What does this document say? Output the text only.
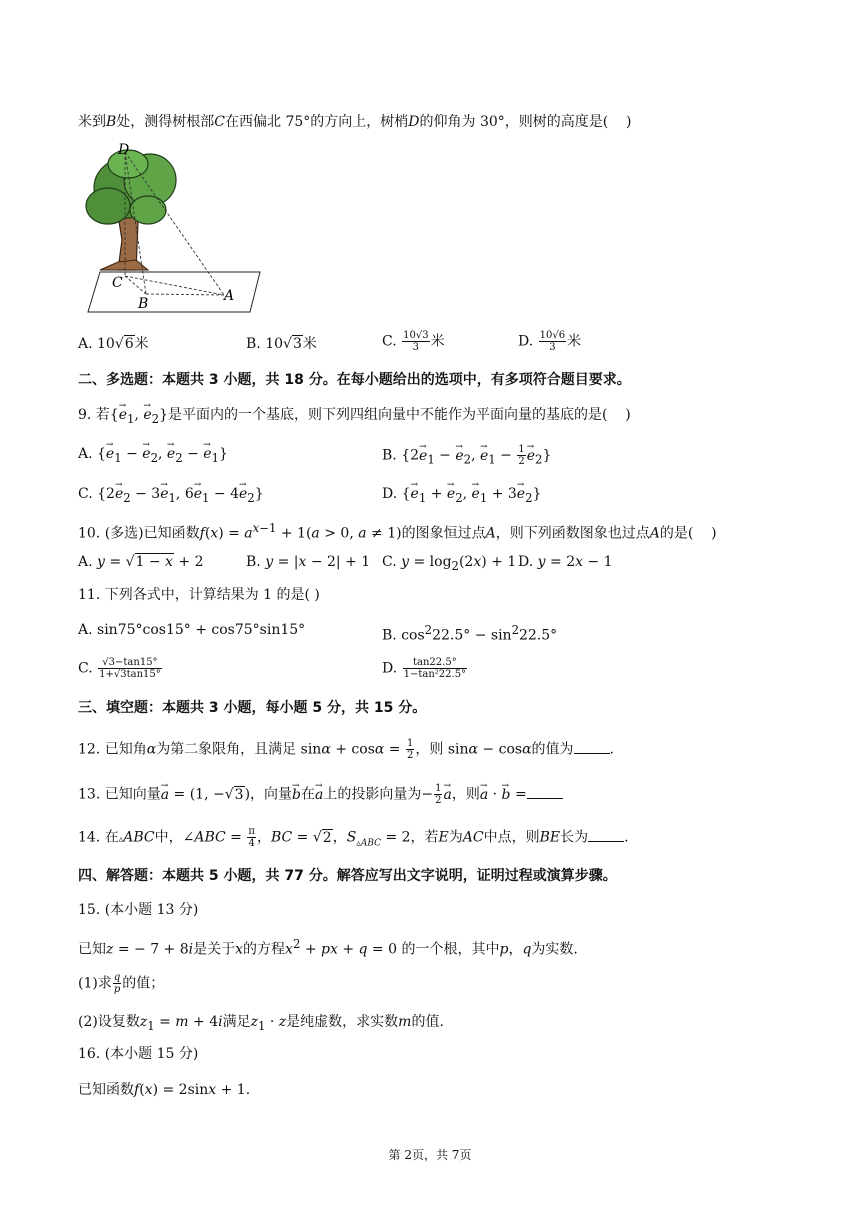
米到B处，测得树根部C在西偏北 75°的方向上，树梢D的仰角为 30°，则树的高度是(    )
D
C
B	A
A. 10√6米	B. 10√3米	C. $\frac{10√3}{3}$ 米	D. $\frac{10√6}{3}$ 米
二、多选题：本题共 3 小题，共 18 分。在每小题给出的选项中，有多项符合题目要求。
9. 若{→ $e_1$, → $e_2$}是平面内的一个基底，则下列四组向量中不能作为平面向量的基底的是(    )
A. {→ $e_1$ − → $e_2$, → $e_2$ − → $e_1$}	B. {$2\to e_1$ − → $e_2$, → $e_1 - \frac{1}{2}$
→ $e_2$}
C. {$2\to e_2 - 3\to e_1$, $6\to e_1 - 4\to e_2$}	D. {→ $e_1$ + → $e_2$, → $e_1 + 3\to e_2$}
10. (多选)已知函数$f(x) = a^{x-1} + 1(a > 0$, a ≠ 1)的图象恒过点A，则下列函数图象也过点A的是(    )
A. y = √1 − x + 2	B. y = |x − 2| + 1 C. $y = \log_2(2x) + 1$ D. y = 2x − 1
11. 下列各式中，计算结果为 1 的是( )
A. sin75°cos15° + cos75°sin15°	B. $\cos^222.5^\circ - \sin^222.5^\circ$
C. $\frac{√3-\tan 15^\circ}{1+√3\tan 15^\circ}$	D. $\frac{\tan 22.5^\circ}{\text{1−tan²22.5°}}$
三、填空题：本题共 3 小题，每小题 5 分，共 15 分。
12. 已知角α为第二象限角，且满足 $\sin\alpha + \cos\alpha = \frac{1}{2}$ ，则 sinα − cosα的值为	.
13. 已知向量→ a = (1, −√3)，向量→ b在→ a上的投影向量为− $\frac{1}{2}$
→ a，则→ a · → b =
14. 在▵ABC中，∠ABC = $\frac{\pi}{4}$ ，BC = √2，$S_{▵ABC} = 2$，若E为AC中点，则BE长为	.
四、解答题：本题共 5 小题，共 77 分。解答应写出文字说明，证明过程或演算步骤。
15. (本小题 13 分)
已知z = − 7 + 8i是关于x的方程$x^2$ + px + q = 0 的一个根，其中p，q为实数.
(1)求 $\frac{q}{p}$ 的值；
(2)设复数$z_1 = m + 4i$满足$z_1 \cdot z$是纯虚数，求实数m的值.
16. (本小题 15 分)
已知函数f(x) = 2sinx + 1.
第 2页，共 7页
